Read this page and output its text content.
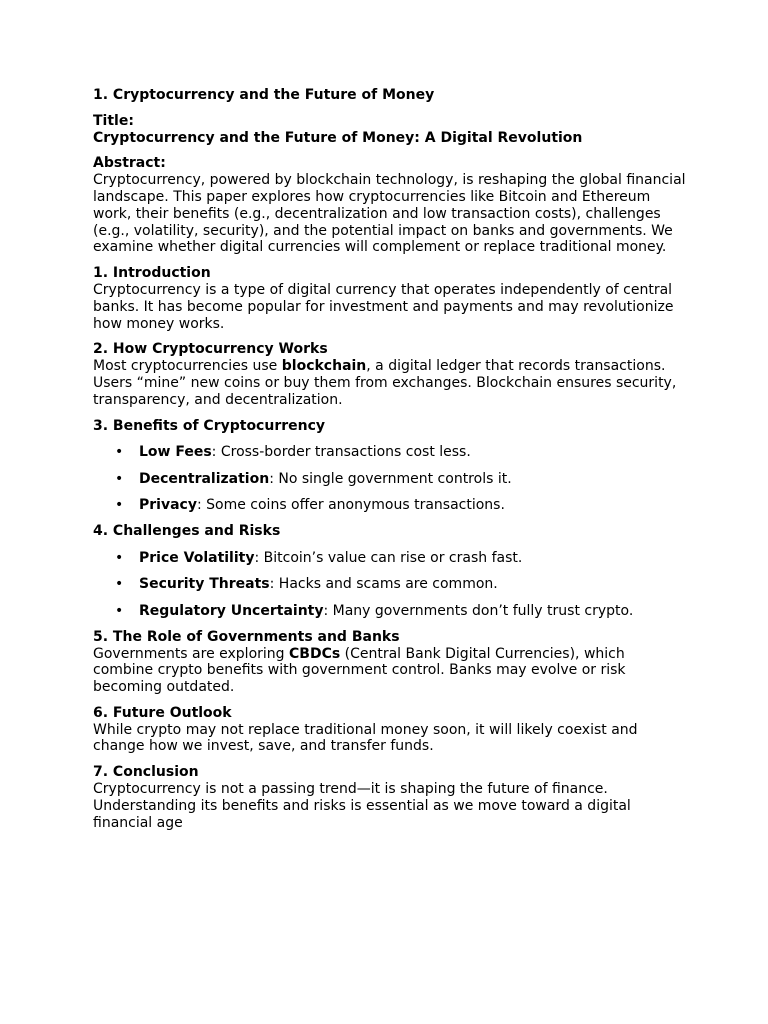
1. Cryptocurrency and the Future of Money

Title:

Cryptocurrency and the Future of Money: A Digital Revolution

Abstract:

Cryptocurrency, powered by blockchain technology, is reshaping the global financial landscape. This paper explores how cryptocurrencies like Bitcoin and Ethereum work, their benefits (e.g., decentralization and low transaction costs), challenges (e.g., volatility, security), and the potential impact on banks and governments. We examine whether digital currencies will complement or replace traditional money.

1. Introduction

Cryptocurrency is a type of digital currency that operates independently of central banks. It has become popular for investment and payments and may revolutionize how money works.

2. How Cryptocurrency Works

Most cryptocurrencies use blockchain, a digital ledger that records transactions. Users “mine” new coins or buy them from exchanges. Blockchain ensures security, transparency, and decentralization.

3. Benefits of Cryptocurrency

• Low Fees: Cross-border transactions cost less.
• Decentralization: No single government controls it.
• Privacy: Some coins offer anonymous transactions.

4. Challenges and Risks

• Price Volatility: Bitcoin’s value can rise or crash fast.
• Security Threats: Hacks and scams are common.
• Regulatory Uncertainty: Many governments don’t fully trust crypto.

5. The Role of Governments and Banks

Governments are exploring CBDCs (Central Bank Digital Currencies), which combine crypto benefits with government control. Banks may evolve or risk becoming outdated.

6. Future Outlook

While crypto may not replace traditional money soon, it will likely coexist and change how we invest, save, and transfer funds.

7. Conclusion

Cryptocurrency is not a passing trend—it is shaping the future of finance. Understanding its benefits and risks is essential as we move toward a digital financial age
